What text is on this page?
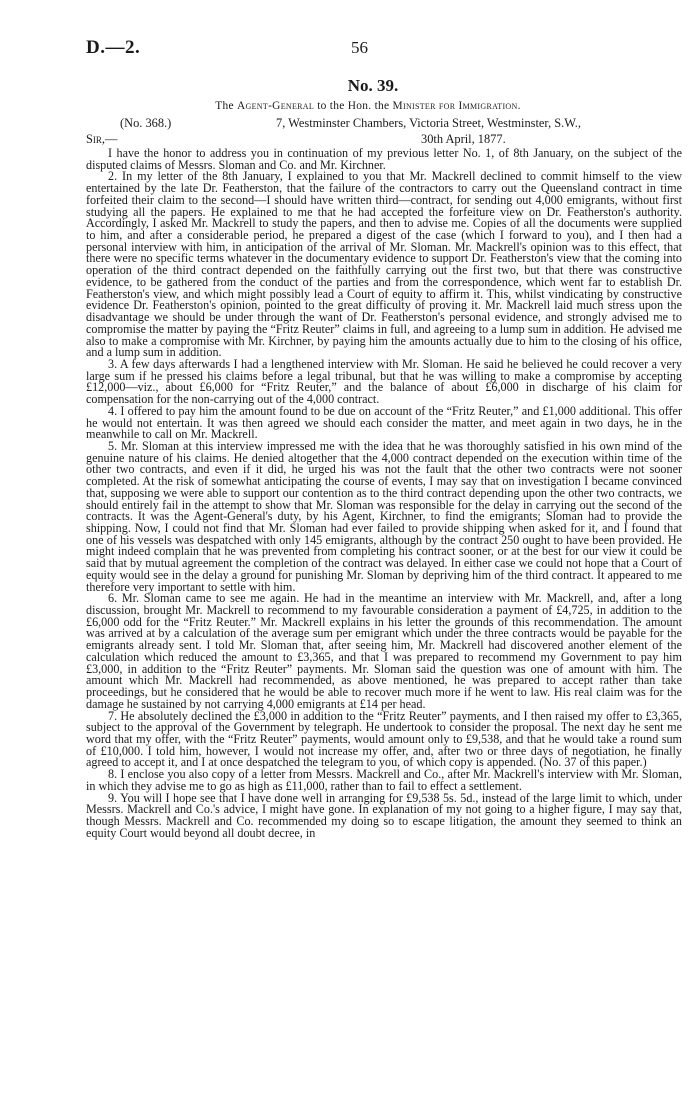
D.—2.	56
No. 39.
The Agent-General to the Hon. the Minister for Immigration.
(No. 368.)	7, Westminster Chambers, Victoria Street, Westminster, S.W.,
Sir,—	30th April, 1877.

I have the honor to address you in continuation of my previous letter No. 1, of 8th January, on the subject of the disputed claims of Messrs. Sloman and Co. and Mr. Kirchner.

2. In my letter of the 8th January, I explained to you that Mr. Mackrell declined to commit himself to the view entertained by the late Dr. Featherston, that the failure of the contractors to carry out the Queensland contract in time forfeited their claim to the second—I should have written third—contract, for sending out 4,000 emigrants, without first studying all the papers. He explained to me that he had accepted the forfeiture view on Dr. Featherston's authority. Accordingly, I asked Mr. Mackrell to study the papers, and then to advise me. Copies of all the documents were supplied to him, and after a considerable period, he prepared a digest of the case (which I forward to you), and I then had a personal interview with him, in anticipation of the arrival of Mr. Sloman. Mr. Mackrell's opinion was to this effect, that there were no specific terms whatever in the documentary evidence to support Dr. Featherston's view that the coming into operation of the third contract depended on the faithfully carrying out the first two, but that there was constructive evidence, to be gathered from the conduct of the parties and from the correspondence, which went far to establish Dr. Featherston's view, and which might possibly lead a Court of equity to affirm it. This, whilst vindicating by constructive evidence Dr. Featherston's opinion, pointed to the great difficulty of proving it. Mr. Mackrell laid much stress upon the disadvantage we should be under through the want of Dr. Featherston's personal evidence, and strongly advised me to compromise the matter by paying the “Fritz Reuter” claims in full, and agreeing to a lump sum in addition. He advised me also to make a compromise with Mr. Kirchner, by paying him the amounts actually due to him to the closing of his office, and a lump sum in addition.

3. A few days afterwards I had a lengthened interview with Mr. Sloman. He said he believed he could recover a very large sum if he pressed his claims before a legal tribunal, but that he was willing to make a compromise by accepting £12,000—viz., about £6,000 for “Fritz Reuter,” and the balance of about £6,000 in discharge of his claim for compensation for the non-carrying out of the 4,000 contract.

4. I offered to pay him the amount found to be due on account of the “Fritz Reuter,” and £1,000 additional. This offer he would not entertain. It was then agreed we should each consider the matter, and meet again in two days, he in the meanwhile to call on Mr. Mackrell.

5. Mr. Sloman at this interview impressed me with the idea that he was thoroughly satisfied in his own mind of the genuine nature of his claims. He denied altogether that the 4,000 contract depended on the execution within time of the other two contracts, and even if it did, he urged his was not the fault that the other two contracts were not sooner completed. At the risk of somewhat anticipating the course of events, I may say that on investigation I became convinced that, supposing we were able to support our contention as to the third contract depending upon the other two contracts, we should entirely fail in the attempt to show that Mr. Sloman was responsible for the delay in carrying out the second of the contracts. It was the Agent-General's duty, by his Agent, Kirchner, to find the emigrants; Sloman had to provide the shipping. Now, I could not find that Mr. Sloman had ever failed to provide shipping when asked for it, and I found that one of his vessels was despatched with only 145 emigrants, although by the contract 250 ought to have been provided. He might indeed complain that he was prevented from completing his contract sooner, or at the best for our view it could be said that by mutual agreement the completion of the contract was delayed. In either case we could not hope that a Court of equity would see in the delay a ground for punishing Mr. Sloman by depriving him of the third contract. It appeared to me therefore very important to settle with him.

6. Mr. Sloman came to see me again. He had in the meantime an interview with Mr. Mackrell, and, after a long discussion, brought Mr. Mackrell to recommend to my favourable consideration a payment of £4,725, in addition to the £6,000 odd for the “Fritz Reuter.” Mr. Mackrell explains in his letter the grounds of this recommendation. The amount was arrived at by a calculation of the average sum per emigrant which under the three contracts would be payable for the emigrants already sent. I told Mr. Sloman that, after seeing him, Mr. Mackrell had discovered another element of the calculation which reduced the amount to £3,365, and that I was prepared to recommend my Government to pay him £3,000, in addition to the “Fritz Reuter” payments. Mr. Sloman said the question was one of amount with him. The amount which Mr. Mackrell had recommended, as above mentioned, he was prepared to accept rather than take proceedings, but he considered that he would be able to recover much more if he went to law. His real claim was for the damage he sustained by not carrying 4,000 emigrants at £14 per head.

7. He absolutely declined the £3,000 in addition to the “Fritz Reuter” payments, and I then raised my offer to £3,365, subject to the approval of the Government by telegraph. He undertook to consider the proposal. The next day he sent me word that my offer, with the “Fritz Reuter” payments, would amount only to £9,538, and that he would take a round sum of £10,000. I told him, however, I would not increase my offer, and, after two or three days of negotiation, he finally agreed to accept it, and I at once despatched the telegram to you, of which copy is appended. (No. 37 of this paper.)

8. I enclose you also copy of a letter from Messrs. Mackrell and Co., after Mr. Mackrell's interview with Mr. Sloman, in which they advise me to go as high as £11,000, rather than to fail to effect a settlement.

9. You will I hope see that I have done well in arranging for £9,538 5s. 5d., instead of the large limit to which, under Messrs. Mackrell and Co.'s advice, I might have gone. In explanation of my not going to a higher figure, I may say that, though Messrs. Mackrell and Co. recommended my doing so to escape litigation, the amount they seemed to think an equity Court would beyond all doubt decree, in
